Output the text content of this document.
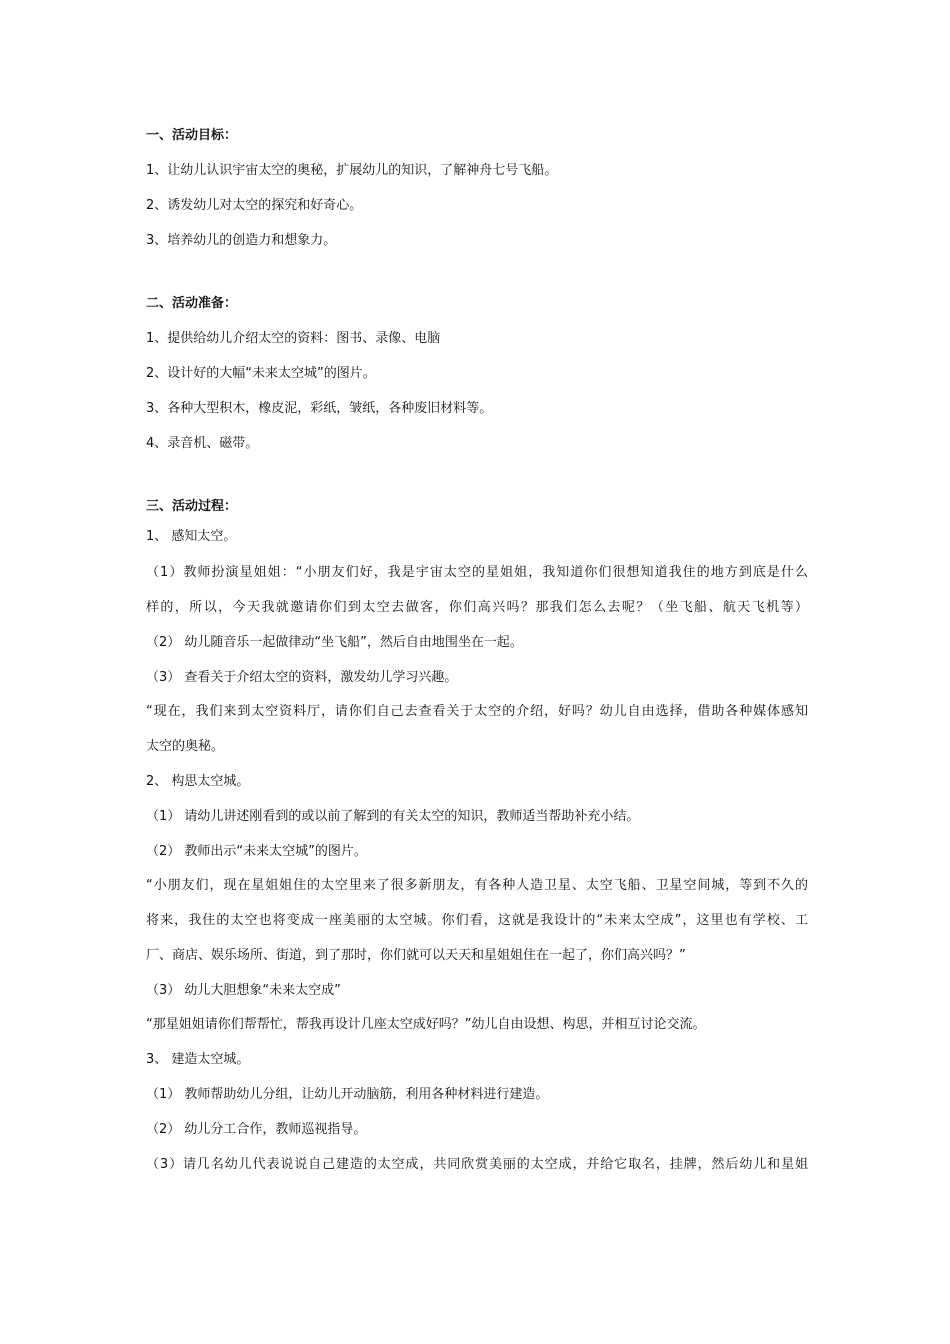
一、活动目标：
1、让幼儿认识宇宙太空的奥秘，扩展幼儿的知识，了解神舟七号飞船。
2、诱发幼儿对太空的探究和好奇心。
3、培养幼儿的创造力和想象力。
二、活动准备：
1、提供给幼儿介绍太空的资料：图书、录像、电脑
2、设计好的大幅“未来太空城”的图片。
3、各种大型积木，橡皮泥，彩纸，皱纸，各种废旧材料等。
4、录音机、磁带。
三、活动过程：
1、 感知太空。
（1）教师扮演星姐姐：“小朋友们好，我是宇宙太空的星姐姐，我知道你们很想知道我住的地方到底是什么
样的，所以，今天我就邀请你们到太空去做客，你们高兴吗？那我们怎么去呢？（坐飞船、航天飞机等）
（2） 幼儿随音乐一起做律动“坐飞船”，然后自由地围坐在一起。
（3） 查看关于介绍太空的资料，激发幼儿学习兴趣。
“现在，我们来到太空资料厅，请你们自己去查看关于太空的介绍，好吗？幼儿自由选择，借助各种媒体感知
太空的奥秘。
2、 构思太空城。
（1） 请幼儿讲述刚看到的或以前了解到的有关太空的知识，教师适当帮助补充小结。
（2） 教师出示“未来太空城”的图片。
“小朋友们，现在星姐姐住的太空里来了很多新朋友，有各种人造卫星、太空飞船、卫星空间城，等到不久的
将来，我住的太空也将变成一座美丽的太空城。你们看，这就是我设计的“未来太空成”，这里也有学校、工
厂、商店、娱乐场所、街道，到了那时，你们就可以天天和星姐姐住在一起了，你们高兴吗？”
（3） 幼儿大胆想象“未来太空成”
“那星姐姐请你们帮帮忙，帮我再设计几座太空成好吗？”幼儿自由设想、构思，并相互讨论交流。
3、 建造太空城。
（1） 教师帮助幼儿分组，让幼儿开动脑筋，利用各种材料进行建造。
（2） 幼儿分工合作，教师巡视指导。
（3）请几名幼儿代表说说自己建造的太空成，共同欣赏美丽的太空成，并给它取名，挂牌，然后幼儿和星姐
